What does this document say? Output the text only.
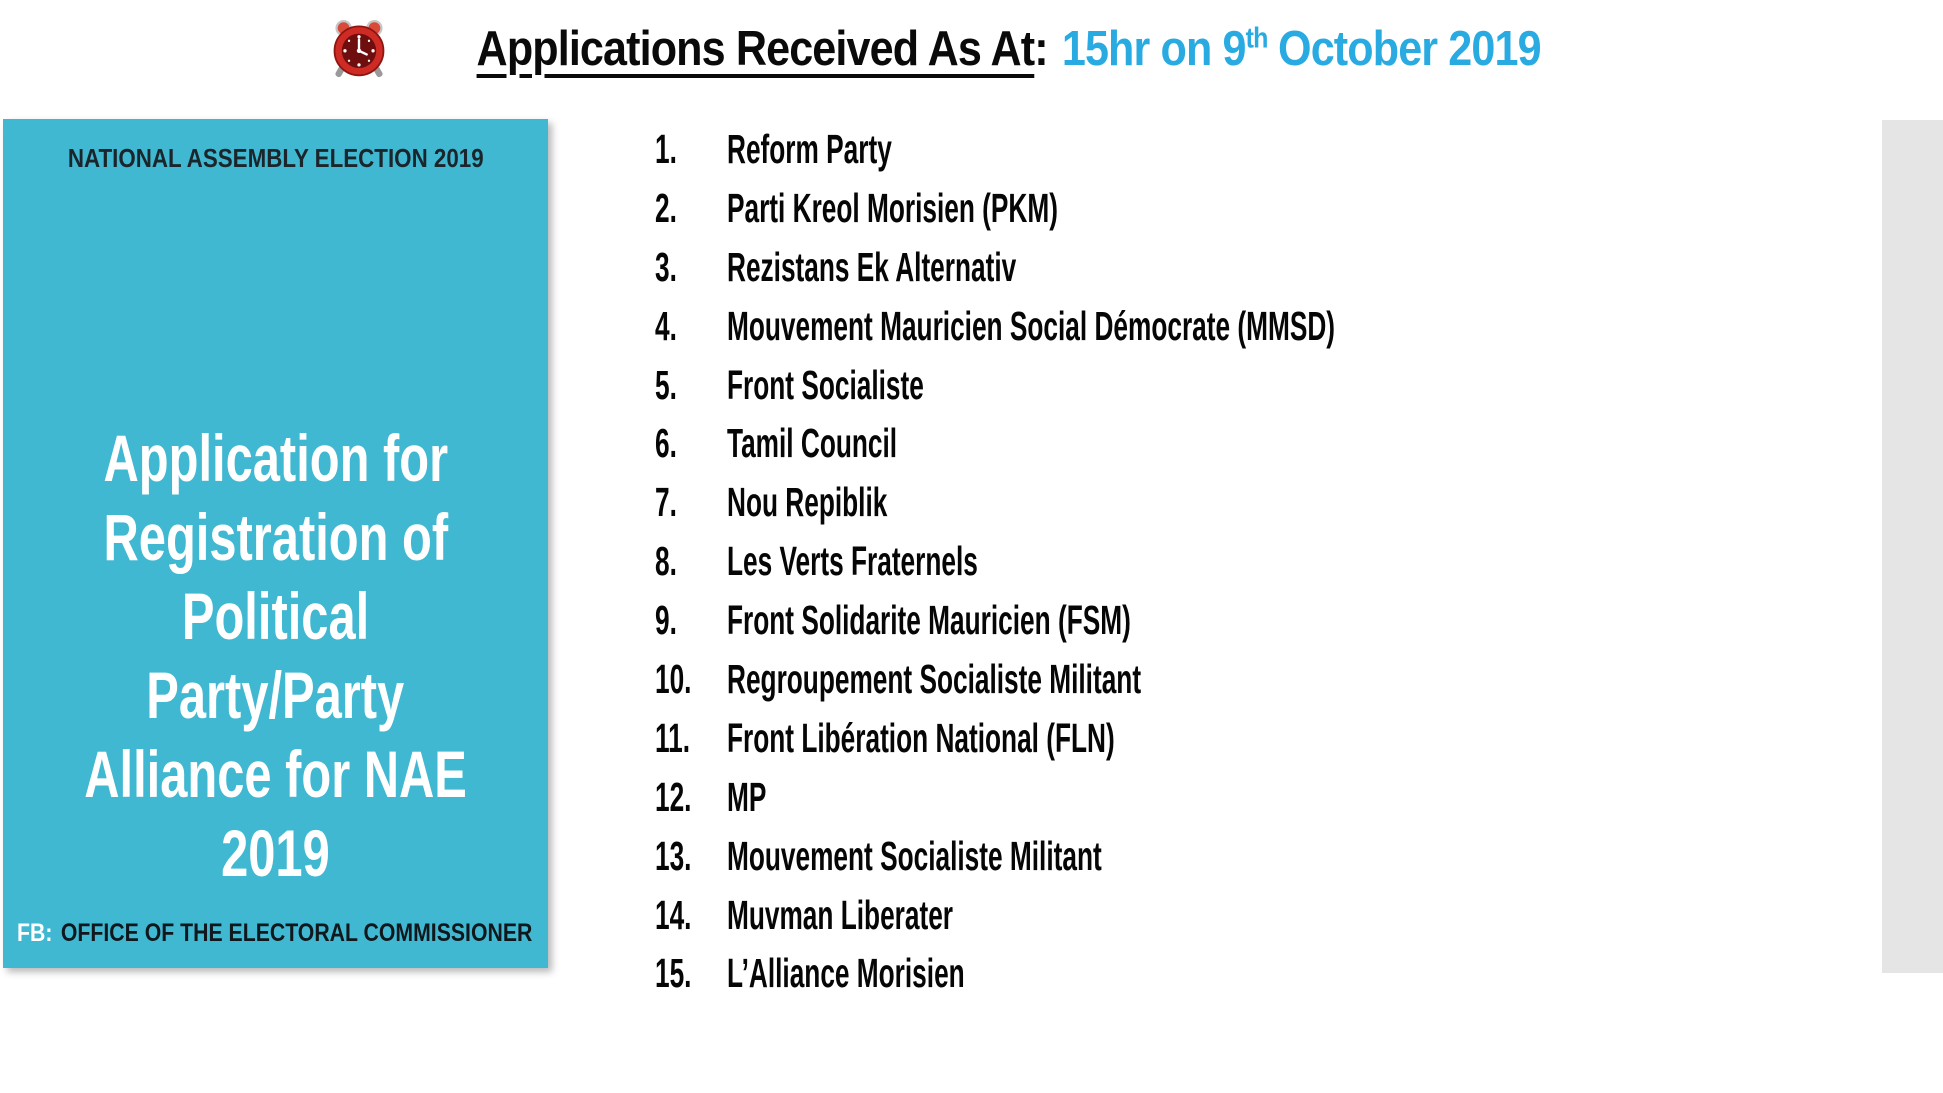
Applications Received As At: 15hr on 9th October 2019
NATIONAL ASSEMBLY ELECTION 2019
Application for
Registration of
Political
Party/Party
Alliance for NAE
2019
FB: OFFICE OF THE ELECTORAL COMMISSIONER
1.	Reform Party
2.	Parti Kreol Morisien (PKM)
3.	Rezistans Ek Alternativ
4.	Mouvement Mauricien Social Démocrate (MMSD)
5.	Front Socialiste
6.	Tamil Council
7.	Nou Repiblik
8.	Les Verts Fraternels
9.	Front Solidarite Mauricien (FSM)
10. Regroupement Socialiste Militant
11. Front Libération National (FLN)
12. MP
13. Mouvement Socialiste Militant
14. Muvman Liberater
15. L’Alliance Morisien
